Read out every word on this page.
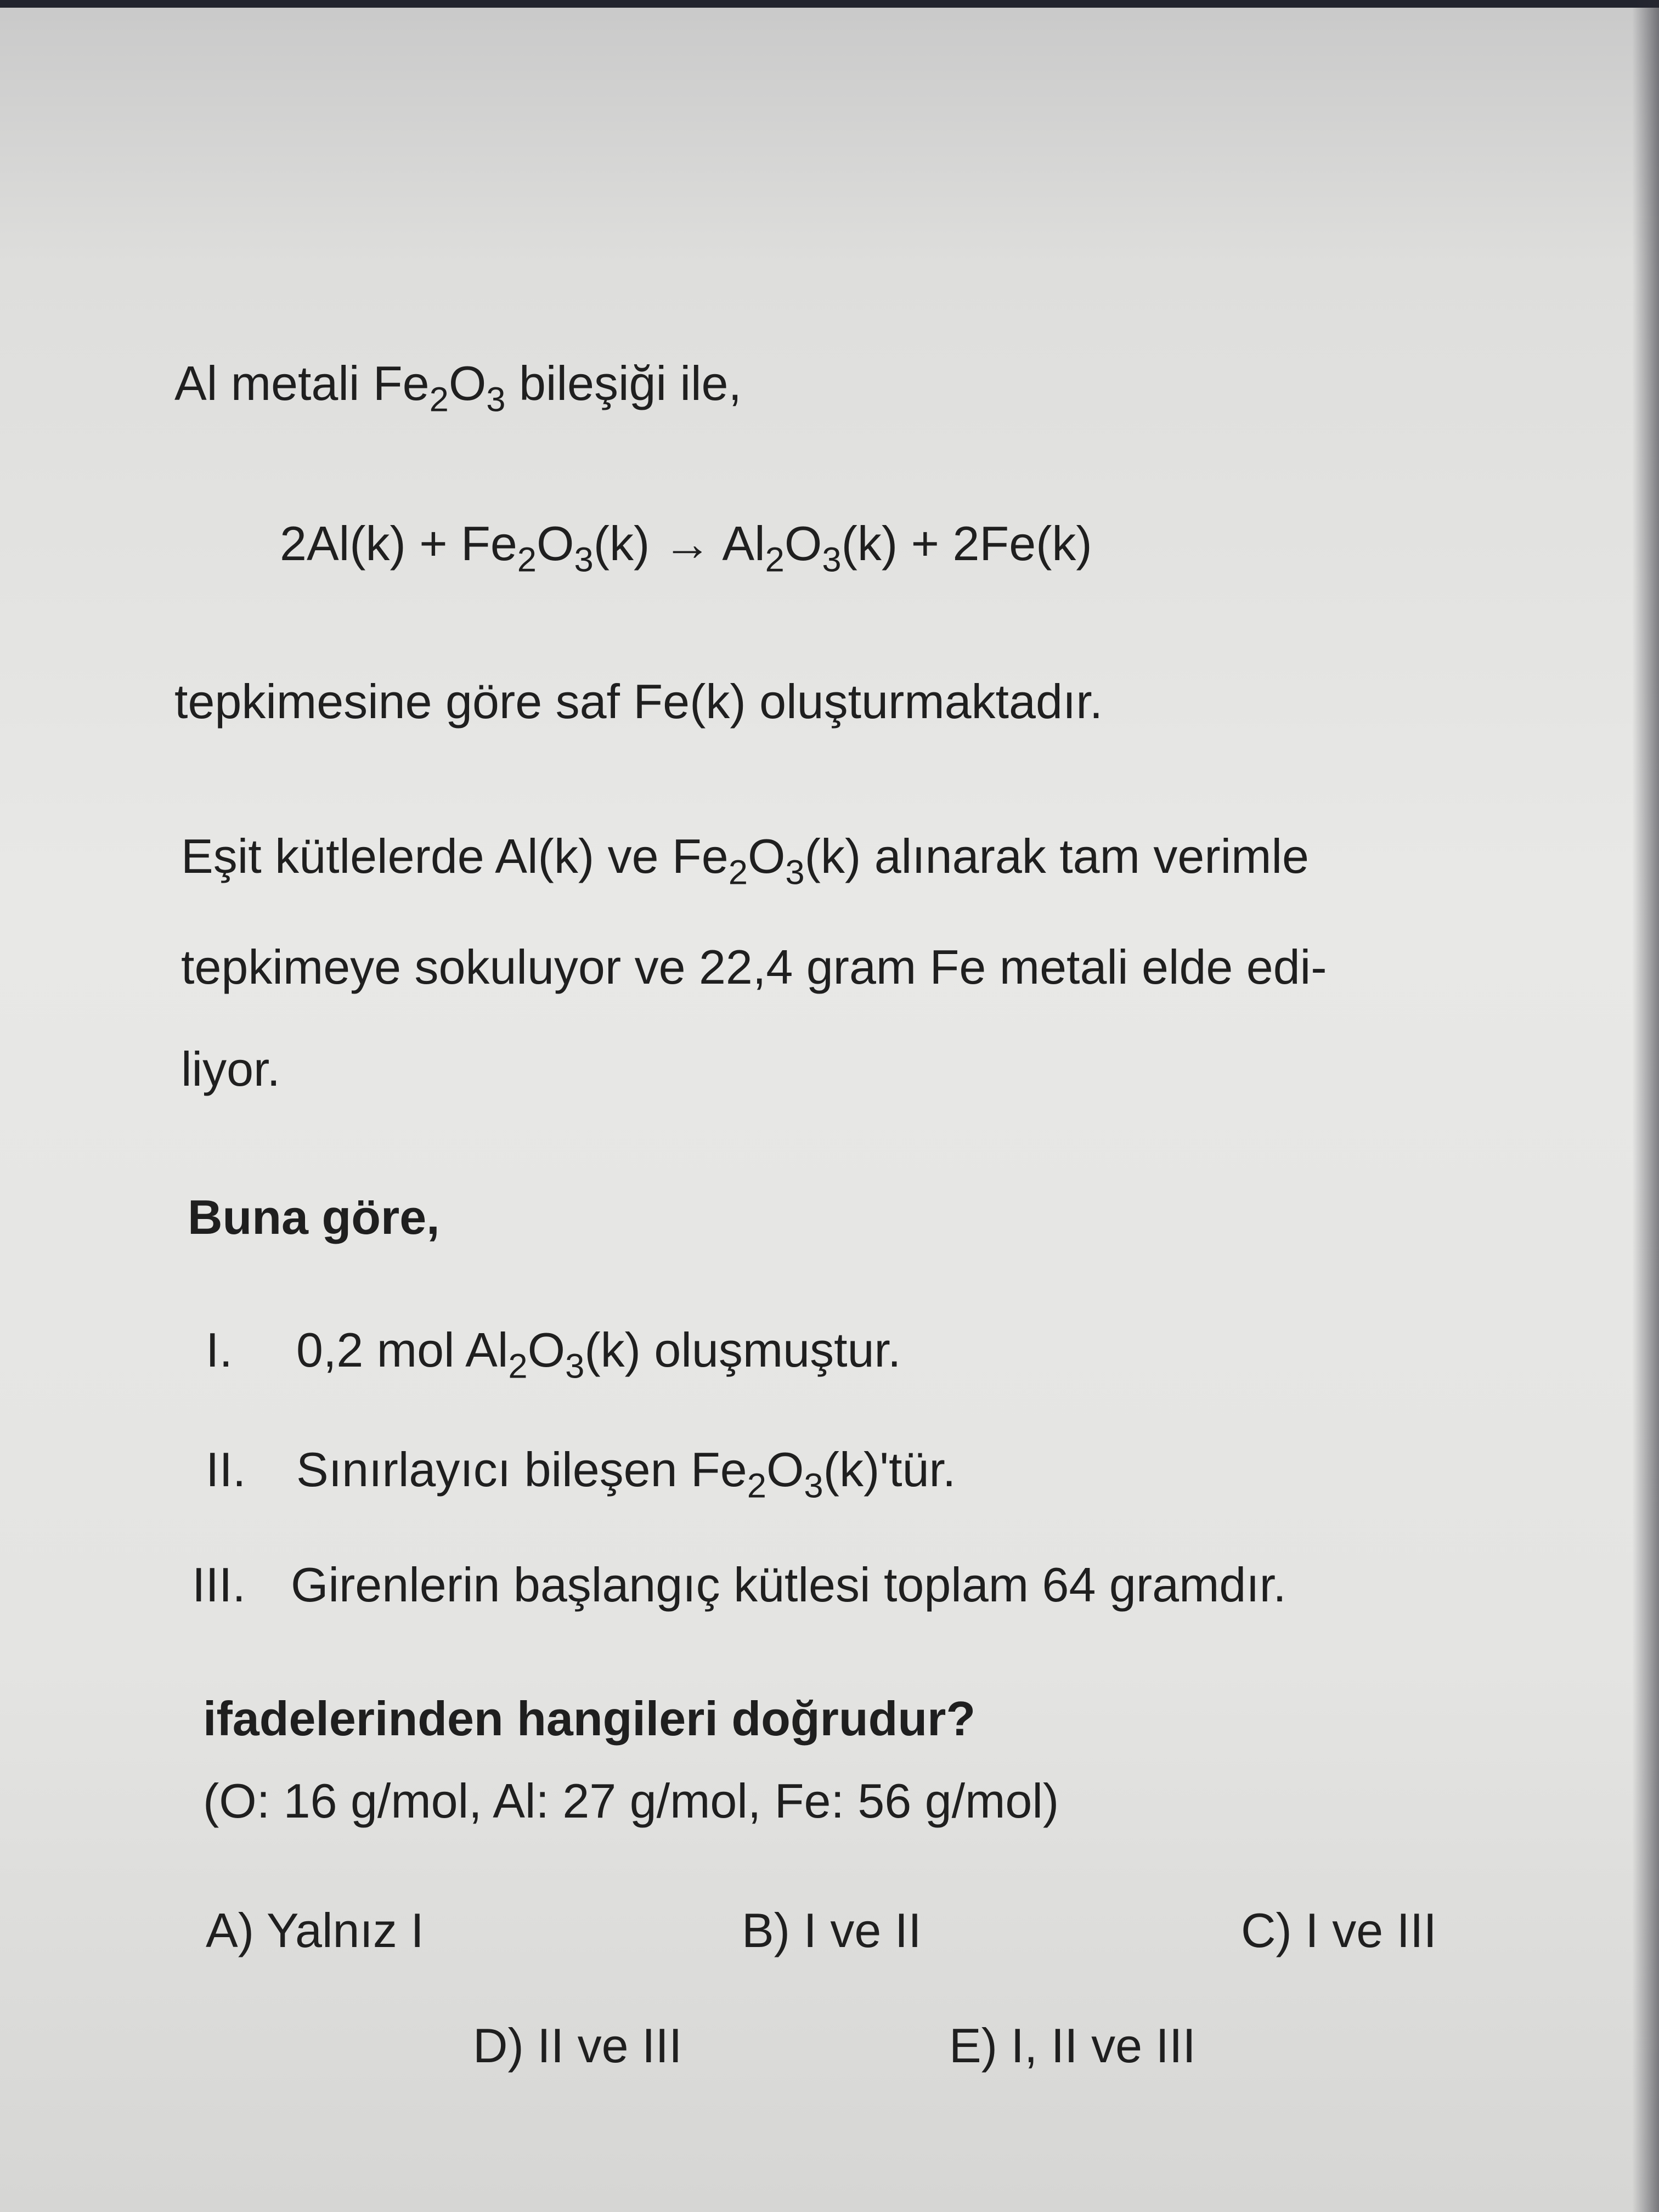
Al metali $Fe_2O_3$ bileşiği ile,

$2Al(k) + Fe_2O_3(k) \to Al_2O_3(k) + 2Fe(k)$

tepkimesine göre saf Fe(k) oluşturmaktadır.

Eşit kütlelerde Al(k) ve $Fe_2O_3(k)$ alınarak tam verimle

tepkimeye sokuluyor ve 22,4 gram Fe metali elde edi-

liyor.

Buna göre,

I. 0,2 mol $Al_2O_3(k)$ oluşmuştur.

II. Sınırlayıcı bileşen $Fe_2O_3(k)'tür$.

III. Girenlerin başlangıç kütlesi toplam 64 gramdır.

ifadelerinden hangileri doğrudur?

(O: 16 g/mol, Al: 27 g/mol, Fe: 56 g/mol)

A) Yalnız I	B) I ve II	C) I ve III

D) II ve III	E) I, II ve III
